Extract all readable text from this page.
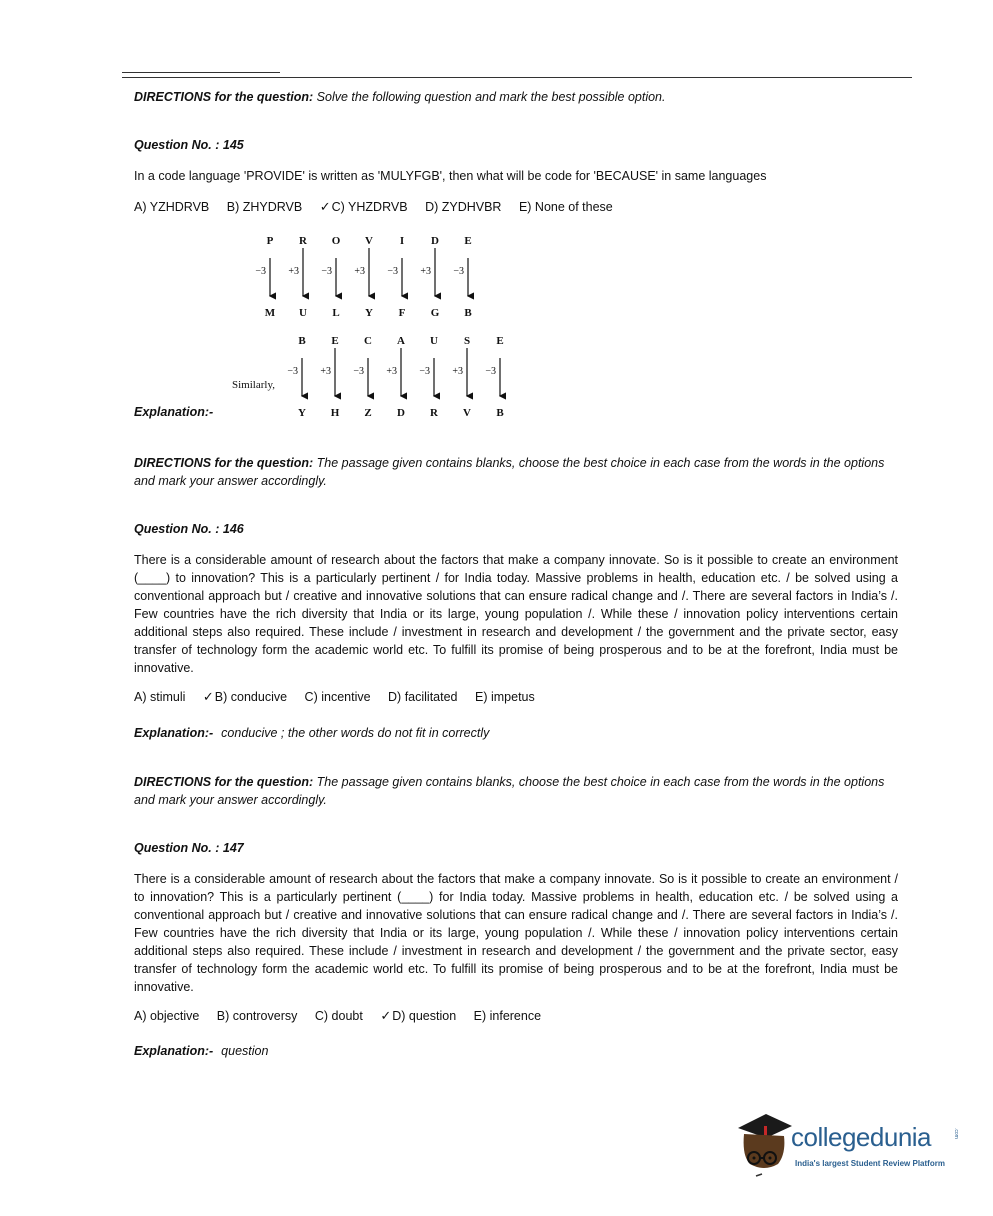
DIRECTIONS for the question: Solve the following question and mark the best possible option.
Question No. : 145
In a code language 'PROVIDE' is written as 'MULYFGB', then what will be code for 'BECAUSE' in same languages
A) YZHDRVB B) ZHYDRVB ✓C) YHZDRVB D) ZYDHVBR E) None of these
P
−3
M
R
+3
U
O
−3
L
V
+3
Y
I
−3
F
D
+3
G
E
−3
B
B
−3
Y
E
+3
H
C
−3
Z
A
+3
D
U
−3
R
S
+3
V
E
−3
B
Similarly,
Explanation:-
DIRECTIONS for the question: The passage given contains blanks, choose the best choice in each case from the words in the options and mark your answer accordingly.
Question No. : 146
There is a considerable amount of research about the factors that make a company innovate. So is it possible to create an environment (____) to innovation? This is a particularly pertinent / for India today. Massive problems in health, education etc. / be solved using a conventional approach but / creative and innovative solutions that can ensure radical change and /. There are several factors in India’s /. Few countries have the rich diversity that India or its large, young population /. While these / innovation policy interventions certain additional steps also required. These include / investment in research and development / the government and the private sector, easy transfer of technology form the academic world etc. To fulfill its promise of being prosperous and to be at the forefront, India must be innovative.
A) stimuli ✓B) conducive C) incentive D) facilitated E) impetus
Explanation:- conducive ; the other words do not fit in correctly
DIRECTIONS for the question: The passage given contains blanks, choose the best choice in each case from the words in the options and mark your answer accordingly.
Question No. : 147
There is a considerable amount of research about the factors that make a company innovate. So is it possible to create an environment / to innovation? This is a particularly pertinent (____) for India today. Massive problems in health, education etc. / be solved using a conventional approach but / creative and innovative solutions that can ensure radical change and /. There are several factors in India’s /. Few countries have the rich diversity that India or its large, young population /. While these / innovation policy interventions certain additional steps also required. These include / investment in research and development / the government and the private sector, easy transfer of technology form the academic world etc. To fulfill its promise of being prosperous and to be at the forefront, India must be innovative.
A) objective B) controversy C) doubt ✓D) question E) inference
Explanation:- question
collegedunia	.com
India's largest Student Review Platform
